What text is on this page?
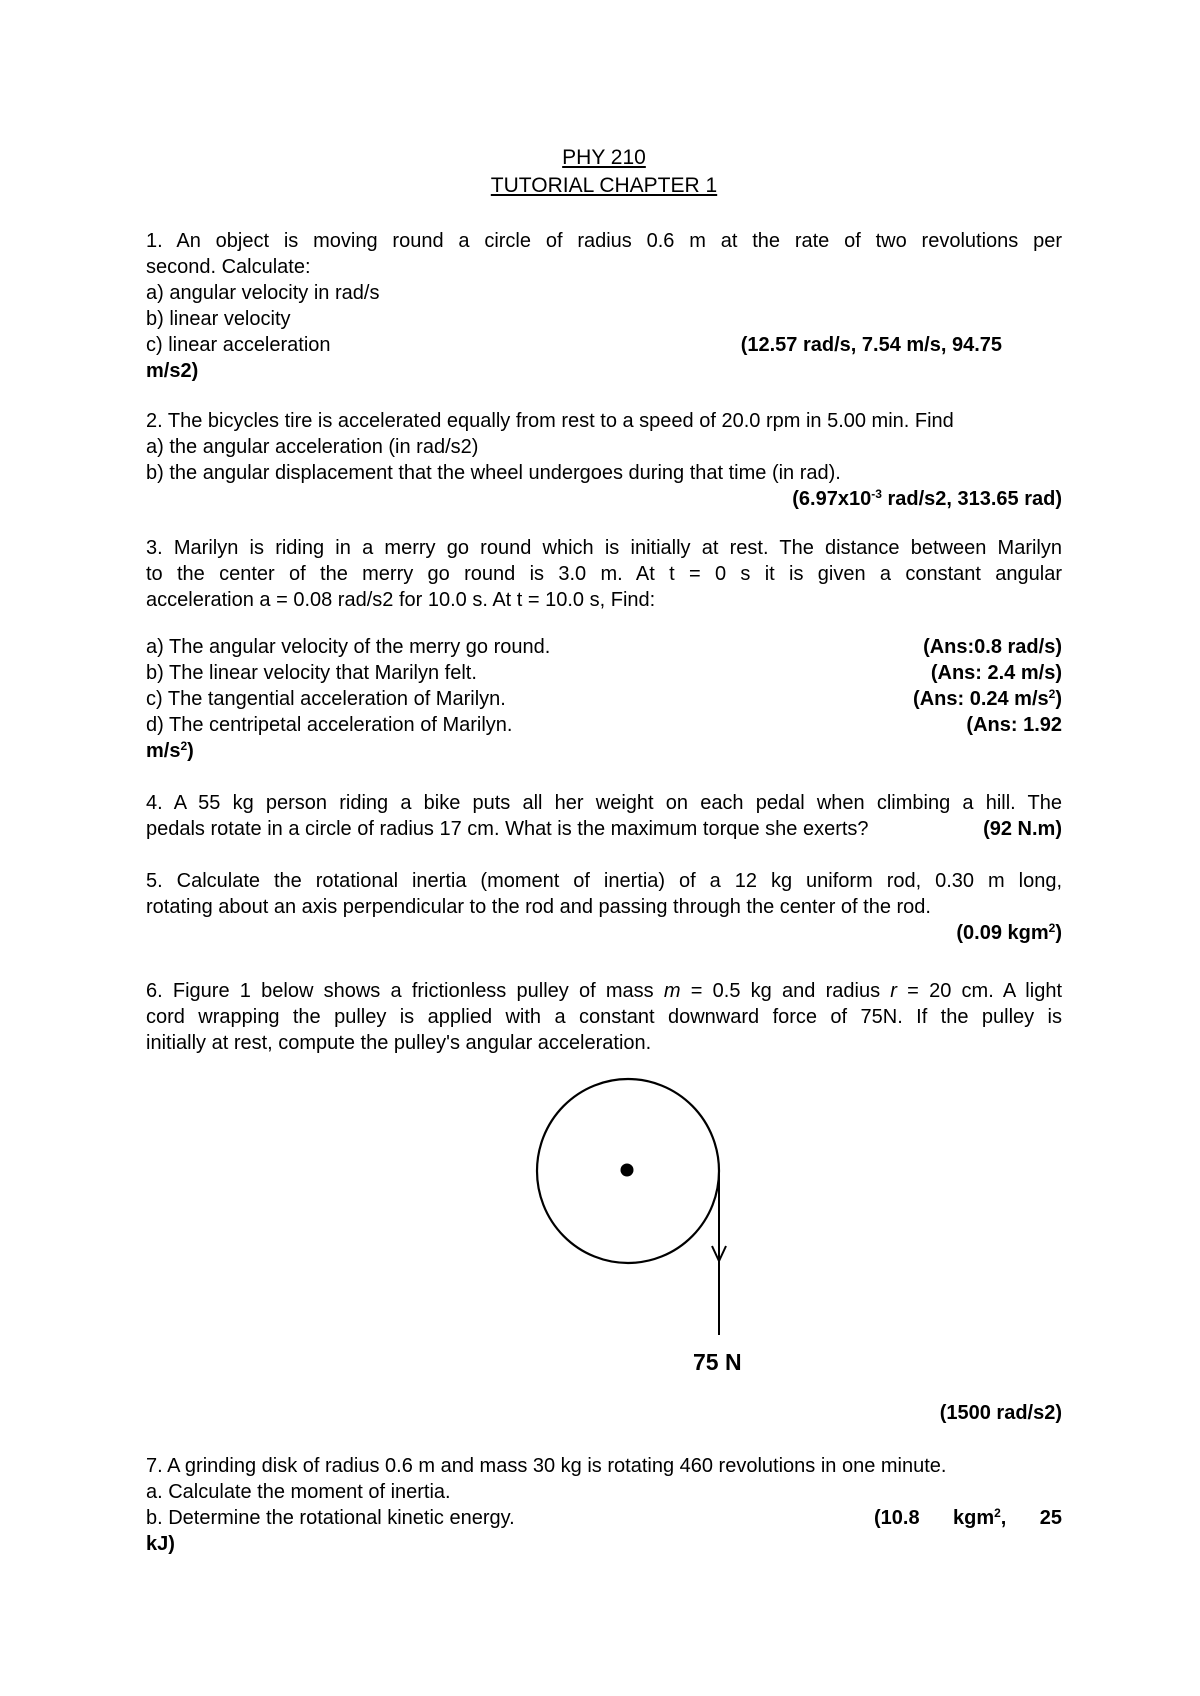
PHY 210
TUTORIAL CHAPTER 1
1. An object is moving round a circle of radius 0.6 m at the rate of two revolutions per
second. Calculate:
a) angular velocity in rad/s
b) linear velocity
c) linear acceleration	(12.57 rad/s, 7.54 m/s, 94.75
m/s2)
2. The bicycles tire is accelerated equally from rest to a speed of 20.0 rpm in 5.00 min. Find
a) the angular acceleration (in rad/s2)
b) the angular displacement that the wheel undergoes during that time (in rad).
($6.97x10^{-3}$ rad/s2, 313.65 rad)
3. Marilyn is riding in a merry go round which is initially at rest. The distance between Marilyn
to the center of the merry go round is 3.0 m. At t = 0 s it is given a constant angular
acceleration a = 0.08 rad/s2 for 10.0 s. At t = 10.0 s, Find:
a) The angular velocity of the merry go round.	(Ans:0.8 rad/s)
b) The linear velocity that Marilyn felt.	(Ans: 2.4 m/s)
c) The tangential acceleration of Marilyn.	(Ans: 0.24 $m/s^2$)
d) The centripetal acceleration of Marilyn.	(Ans: 1.92
$m/s^2$)
4. A 55 kg person riding a bike puts all her weight on each pedal when climbing a hill. The
pedals rotate in a circle of radius 17 cm. What is the maximum torque she exerts?	(92 N.m)
5. Calculate the rotational inertia (moment of inertia) of a 12 kg uniform rod, 0.30 m long,
rotating about an axis perpendicular to the rod and passing through the center of the rod.
(0.09 kgm$^2$)
6. Figure 1 below shows a frictionless pulley of mass m = 0.5 kg and radius r = 20 cm. A light
cord wrapping the pulley is applied with a constant downward force of 75N. If the pulley is
initially at rest, compute the pulley's angular acceleration.
7. A grinding disk of radius 0.6 m and mass 30 kg is rotating 460 revolutions in one minute.
a. Calculate the moment of inertia.
b. Determine the rotational kinetic energy.	(10.8 kgm$^2$, 25
kJ)
75 N
(1500 rad/s2)
